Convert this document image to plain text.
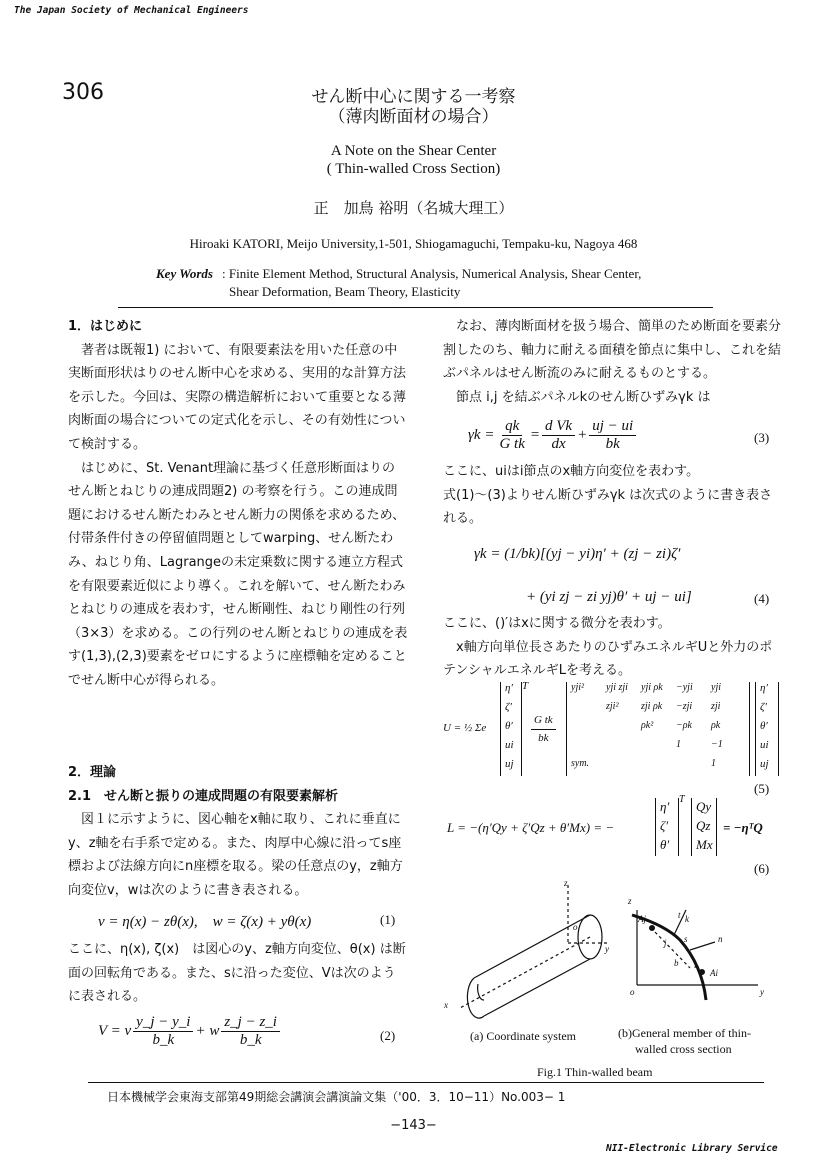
The Japan Society of Mechanical Engineers
306	せん断中心に関する一考察
（薄肉断面材の場合）
A Note on the Shear Center
( Thin-walled Cross Section)
正　加鳥 裕明（名城大理工）
Hiroaki KATORI, Meijo University,1-501, Shiogamaguchi, Tempaku-ku, Nagoya 468
Key Words : Finite Element Method, Structural Analysis, Numerical Analysis, Shear Center,
Shear Deformation, Beam Theory, Elasticity

1．はじめに

著者は既報1) において、有限要素法を用いた任意の中実断面形状はりのせん断中心を求める、実用的な計算方法を示した。今回は、実際の構造解析において重要となる薄肉断面の場合についての定式化を示し、その有効性について検討する。

はじめに、St. Venant理論に基づく任意形断面はりのせん断とねじりの連成問題2) の考察を行う。この連成問題におけるせん断たわみとせん断力の関係を求めるため、付帯条件付きの停留値問題としてwarping、せん断たわみ、ねじり角、Lagrangeの未定乗数に関する連立方程式を有限要素近似により導く。これを解いて、せん断たわみとねじりの連成を表わす，せん断剛性、ねじり剛性の行列（3×3）を求める。この行列のせん断とねじりの連成を表す(1,3),(2,3)要素をゼロにするように座標軸を定めることでせん断中心が得られる。

2．理論

2.1　せん断と振りの連成問題の有限要素解析

図１に示すように、図心軸をx軸に取り、これに垂直にy、z軸を右手系で定める。また、肉厚中心線に沿ってs座標および法線方向にn座標を取る。梁の任意点のy，z軸方向変位v，wは次のように書き表される。

v = η(x) − zθ(x),　w = ζ(x) + yθ(x)	(1)

ここに、η(x), ζ(x)　は図心のy、z軸方向変位、θ(x) は断面の回転角である。また、sに沿った変位、Vは次のように表される。

V = v $\frac{y\_j - y\_i}{b\_k} + w \frac{z\_j - z\_i}{b\_k}$	(2)

なお、薄肉断面材を扱う場合、簡単のため断面を要素分割したのち、軸力に耐える面積を節点に集中し、これを結ぶパネルはせん断流のみに耐えるものとする。

節点 i,j を結ぶパネルkのせん断ひずみγk は

$\gamma k = \frac{qk}{\text{G tk}} = \frac{\text{d Vk}}{dx} + \frac{uj - ui}{bk}$	(3)

ここに、uiはi節点のx軸方向変位を表わす。

式(1)～(3)よりせん断ひずみγk は次式のように書き表される。

γk = (1/bk)[(yj − yi)η′ + (zj − zi)ζ′
+ (yi zj − zi yj)θ′ + uj − ui]	(4)

ここに、()′はxに関する微分を表わす。

x軸方向単位長さあたりのひずみエネルギUと外力のポテンシャルエネルギLを考える。

U = ½ Σe
η′
ζ′
θ′
ui
uj
T
$\frac{\text{G tk}}{bk}$
yji² yji zji yji ρk −yji yji
zji² zji ρk −zji zji
ρk² −ρk ρk
1	−1
sym.	1
η′
ζ′
θ′
ui
uj
(5)
L = −(η′Qy + ζ′Qz + θ′Mx) = −
η′
ζ′
θ′
T Qy
Qz
Mx
= −ηᵀQ
(6)
z
o
y
x
z
y
o
t k
s	n
j
i
b
Aj
Ai
(a) Coordinate system	(b)General member of thin-
walled cross section
Fig.1 Thin-walled beam
日本機械学会東海支部第49期総会講演会講演論文集（'00．3．10−11）No.003− 1
−143−
NII-Electronic Library Service
